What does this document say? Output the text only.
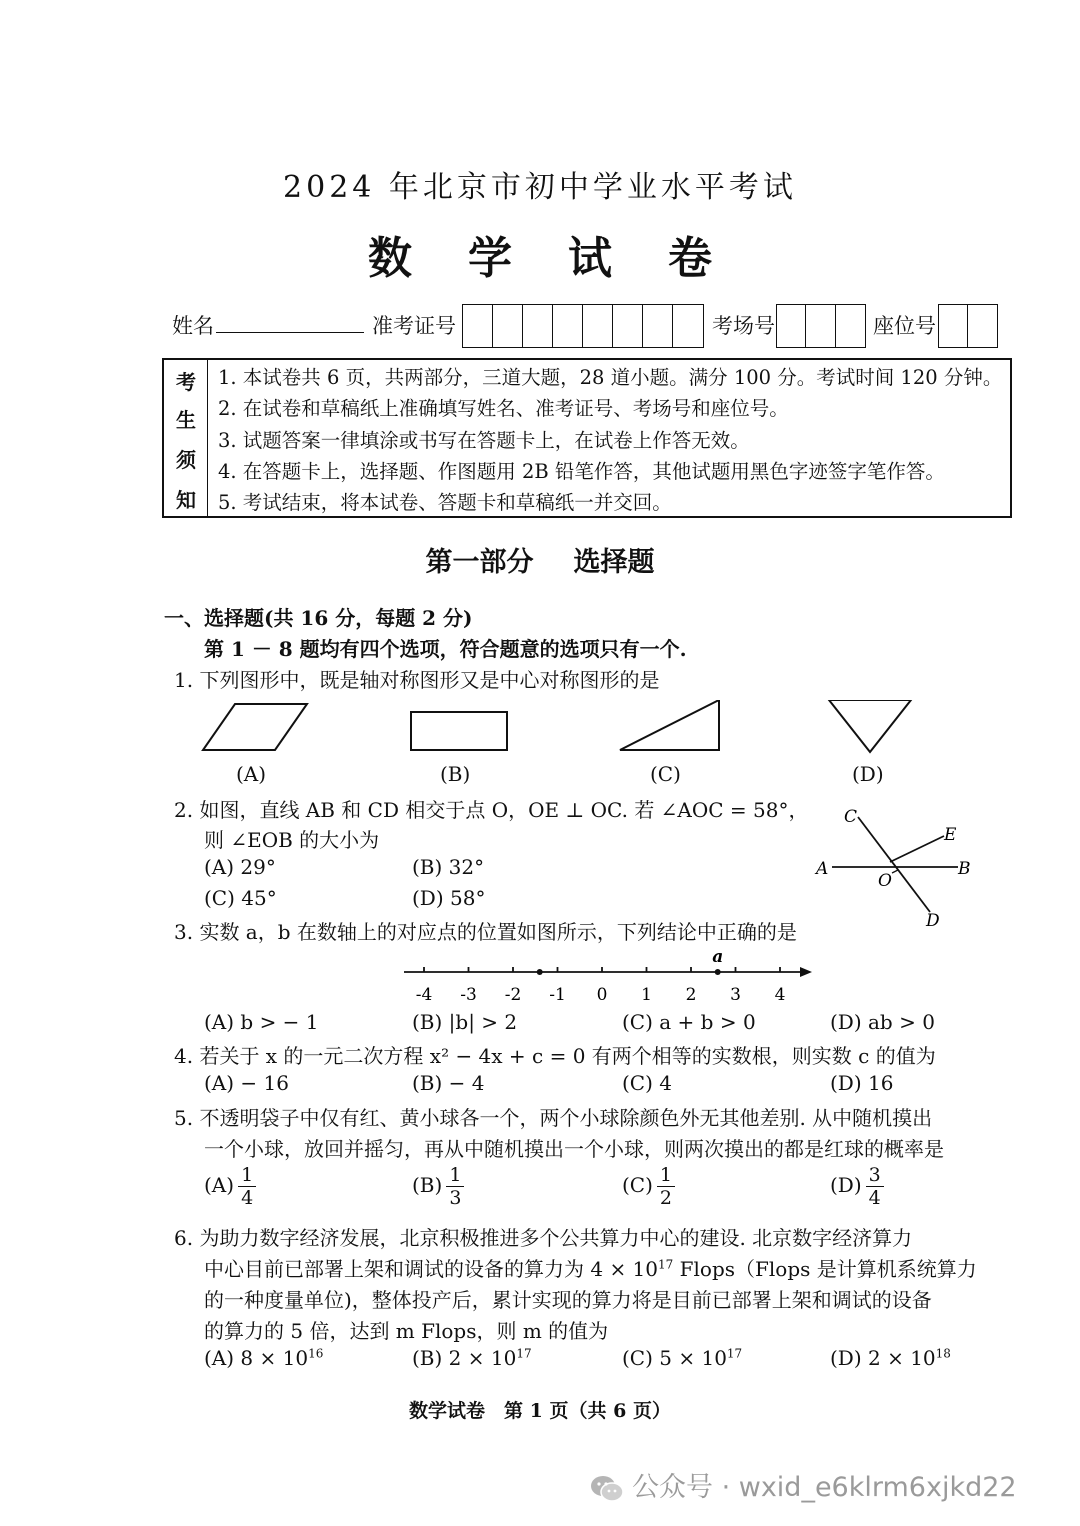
2024 年北京市初中学业水平考试
数 学 试 卷
姓名	准考证号	考场号	座位号
考
生
须
知
1. 本试卷共 6 页，共两部分，三道大题，28 道小题。满分 100 分。考试时间 120 分钟。
2. 在试卷和草稿纸上准确填写姓名、准考证号、考场号和座位号。
3. 试题答案一律填涂或书写在答题卡上，在试卷上作答无效。
4. 在答题卡上，选择题、作图题用 2B 铅笔作答，其他试题用黑色字迹签字笔作答。
5. 考试结束，将本试卷、答题卡和草稿纸一并交回。
第一部分 选择题
一、选择题(共 16 分，每题 2 分)
第 1 － 8 题均有四个选项，符合题意的选项只有一个.
1. 下列图形中，既是轴对称图形又是中心对称图形的是
(A)	(B)	(C)	(D)
2. 如图，直线 AB 和 CD 相交于点 O，OE ⊥ OC. 若 ∠AOC = 58°，
则 ∠EOB 的大小为
(A) 29°	(B) 32°
(C) 45°	(D) 58°
C
E
A	B
O
D
3. 实数 a，b 在数轴上的对应点的位置如图所示，下列结论中正确的是
-4 -3 -2 -1 0 1 2 3 4
a
(A) b > − 1	(B) |b| > 2	(C) a + b > 0	(D) ab > 0
4. 若关于 x 的一元二次方程 x² − 4x + c = 0 有两个相等的实数根，则实数 c 的值为
(A) − 16	(B) − 4	(C) 4	(D) 16
5. 不透明袋子中仅有红、黄小球各一个，两个小球除颜色外无其他差别. 从中随机摸出
一个小球，放回并摇匀，再从中随机摸出一个小球，则两次摸出的都是红球的概率是
$(A) \frac{1}{4}$	$(B) \frac{1}{3}$	$(C) \frac{1}{2}$	$(D) \frac{3}{4}$
6. 为助力数字经济发展，北京积极推进多个公共算力中心的建设. 北京数字经济算力
中心目前已部署上架和调试的设备的算力为 $4 \times 10^{17}$ Flops（Flops 是计算机系统算力
的一种度量单位)，整体投产后，累计实现的算力将是目前已部署上架和调试的设备
的算力的 5 倍，达到 m Flops，则 m 的值为
(A) $8 \times 10^{16}$	(B) $2 \times 10^{17}$	(C) $5 \times 10^{17}$	(D) $2 \times 10^{18}$
数学试卷　第 1 页（共 6 页）
公众号 · wxid_e6klrm6xjkd22
